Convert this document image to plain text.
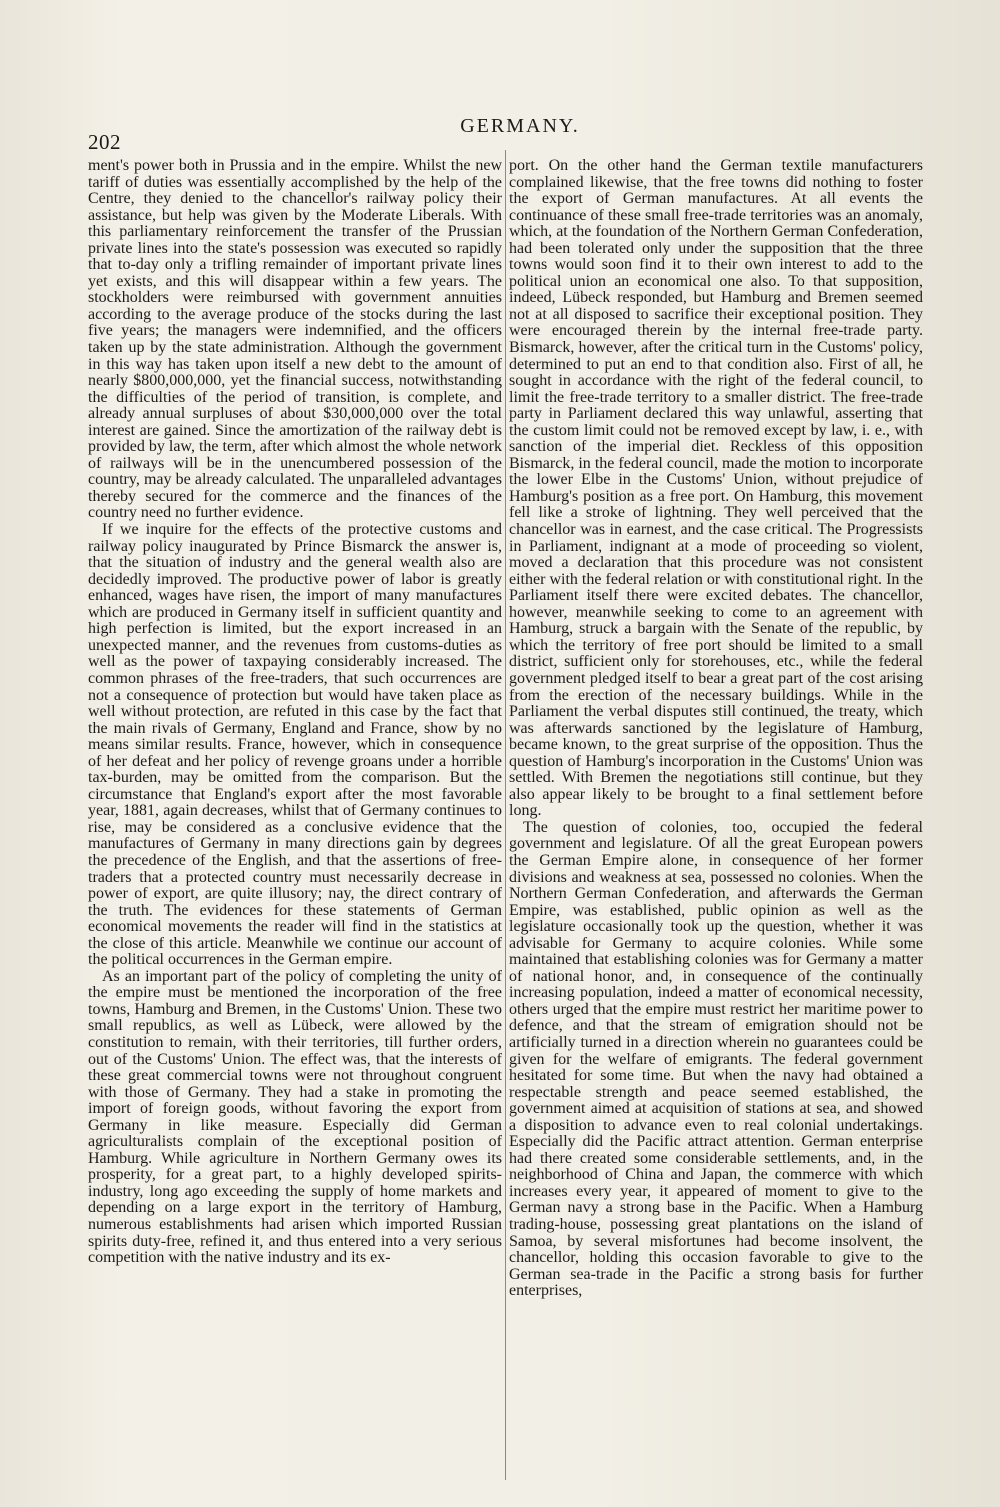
202
GERMANY.

ment's power both in Prussia and in the empire. Whilst the new tariff of duties was essentially accomplished by the help of the Centre, they denied to the chancellor's railway policy their assistance, but help was given by the Moderate Liberals. With this parliamentary reinforcement the transfer of the Prussian private lines into the state's possession was executed so rapidly that to-day only a trifling remainder of important private lines yet exists, and this will disappear within a few years. The stockholders were reimbursed with government annuities according to the average produce of the stocks during the last five years; the managers were indemnified, and the officers taken up by the state administration. Although the government in this way has taken upon itself a new debt to the amount of nearly $800,000,000, yet the financial success, notwithstanding the difficulties of the period of transition, is complete, and already annual surpluses of about $30,000,000 over the total interest are gained. Since the amortization of the railway debt is provided by law, the term, after which almost the whole network of railways will be in the unencumbered possession of the country, may be already calculated. The unparalleled advantages thereby secured for the commerce and the finances of the country need no further evidence.

If we inquire for the effects of the protective customs and railway policy inaugurated by Prince Bismarck the answer is, that the situation of industry and the general wealth also are decidedly improved. The productive power of labor is greatly enhanced, wages have risen, the import of many manufactures which are produced in Germany itself in sufficient quantity and high perfection is limited, but the export increased in an unexpected manner, and the revenues from customs-duties as well as the power of taxpaying considerably increased. The common phrases of the free-traders, that such occurrences are not a consequence of protection but would have taken place as well without protection, are refuted in this case by the fact that the main rivals of Germany, England and France, show by no means similar results. France, however, which in consequence of her defeat and her policy of revenge groans under a horrible tax-burden, may be omitted from the comparison. But the circumstance that England's export after the most favorable year, 1881, again decreases, whilst that of Germany continues to rise, may be considered as a conclusive evidence that the manufactures of Germany in many directions gain by degrees the precedence of the English, and that the assertions of free-traders that a protected country must necessarily decrease in power of export, are quite illusory; nay, the direct contrary of the truth. The evidences for these statements of German economical movements the reader will find in the statistics at the close of this article. Meanwhile we continue our account of the political occurrences in the German empire.

As an important part of the policy of completing the unity of the empire must be mentioned the incorporation of the free towns, Hamburg and Bremen, in the Customs' Union. These two small republics, as well as Lübeck, were allowed by the constitution to remain, with their territories, till further orders, out of the Customs' Union. The effect was, that the interests of these great commercial towns were not throughout congruent with those of Germany. They had a stake in promoting the import of foreign goods, without favoring the export from Germany in like measure. Especially did German agriculturalists complain of the exceptional position of Hamburg. While agriculture in Northern Germany owes its prosperity, for a great part, to a highly developed spirits-industry, long ago exceeding the supply of home markets and depending on a large export in the territory of Hamburg, numerous establishments had arisen which imported Russian spirits duty-free, refined it, and thus entered into a very serious competition with the native industry and its ex-

port. On the other hand the German textile manufacturers complained likewise, that the free towns did nothing to foster the export of German manufactures. At all events the continuance of these small free-trade territories was an anomaly, which, at the foundation of the Northern German Confederation, had been tolerated only under the supposition that the three towns would soon find it to their own interest to add to the political union an economical one also. To that supposition, indeed, Lübeck responded, but Hamburg and Bremen seemed not at all disposed to sacrifice their exceptional position. They were encouraged therein by the internal free-trade party. Bismarck, however, after the critical turn in the Customs' policy, determined to put an end to that condition also. First of all, he sought in accordance with the right of the federal council, to limit the free-trade territory to a smaller district. The free-trade party in Parliament declared this way unlawful, asserting that the custom limit could not be removed except by law, i. e., with sanction of the imperial diet. Reckless of this opposition Bismarck, in the federal council, made the motion to incorporate the lower Elbe in the Customs' Union, without prejudice of Hamburg's position as a free port. On Hamburg, this movement fell like a stroke of lightning. They well perceived that the chancellor was in earnest, and the case critical. The Progressists in Parliament, indignant at a mode of proceeding so violent, moved a declaration that this procedure was not consistent either with the federal relation or with constitutional right. In the Parliament itself there were excited debates. The chancellor, however, meanwhile seeking to come to an agreement with Hamburg, struck a bargain with the Senate of the republic, by which the territory of free port should be limited to a small district, sufficient only for storehouses, etc., while the federal government pledged itself to bear a great part of the cost arising from the erection of the necessary buildings. While in the Parliament the verbal disputes still continued, the treaty, which was afterwards sanctioned by the legislature of Hamburg, became known, to the great surprise of the opposition. Thus the question of Hamburg's incorporation in the Customs' Union was settled. With Bremen the negotiations still continue, but they also appear likely to be brought to a final settlement before long.

The question of colonies, too, occupied the federal government and legislature. Of all the great European powers the German Empire alone, in consequence of her former divisions and weakness at sea, possessed no colonies. When the Northern German Confederation, and afterwards the German Empire, was established, public opinion as well as the legislature occasionally took up the question, whether it was advisable for Germany to acquire colonies. While some maintained that establishing colonies was for Germany a matter of national honor, and, in consequence of the continually increasing population, indeed a matter of economical necessity, others urged that the empire must restrict her maritime power to defence, and that the stream of emigration should not be artificially turned in a direction wherein no guarantees could be given for the welfare of emigrants. The federal government hesitated for some time. But when the navy had obtained a respectable strength and peace seemed established, the government aimed at acquisition of stations at sea, and showed a disposition to advance even to real colonial undertakings. Especially did the Pacific attract attention. German enterprise had there created some considerable settlements, and, in the neighborhood of China and Japan, the commerce with which increases every year, it appeared of moment to give to the German navy a strong base in the Pacific. When a Hamburg trading-house, possessing great plantations on the island of Samoa, by several misfortunes had become insolvent, the chancellor, holding this occasion favorable to give to the German sea-trade in the Pacific a strong basis for further enterprises,
